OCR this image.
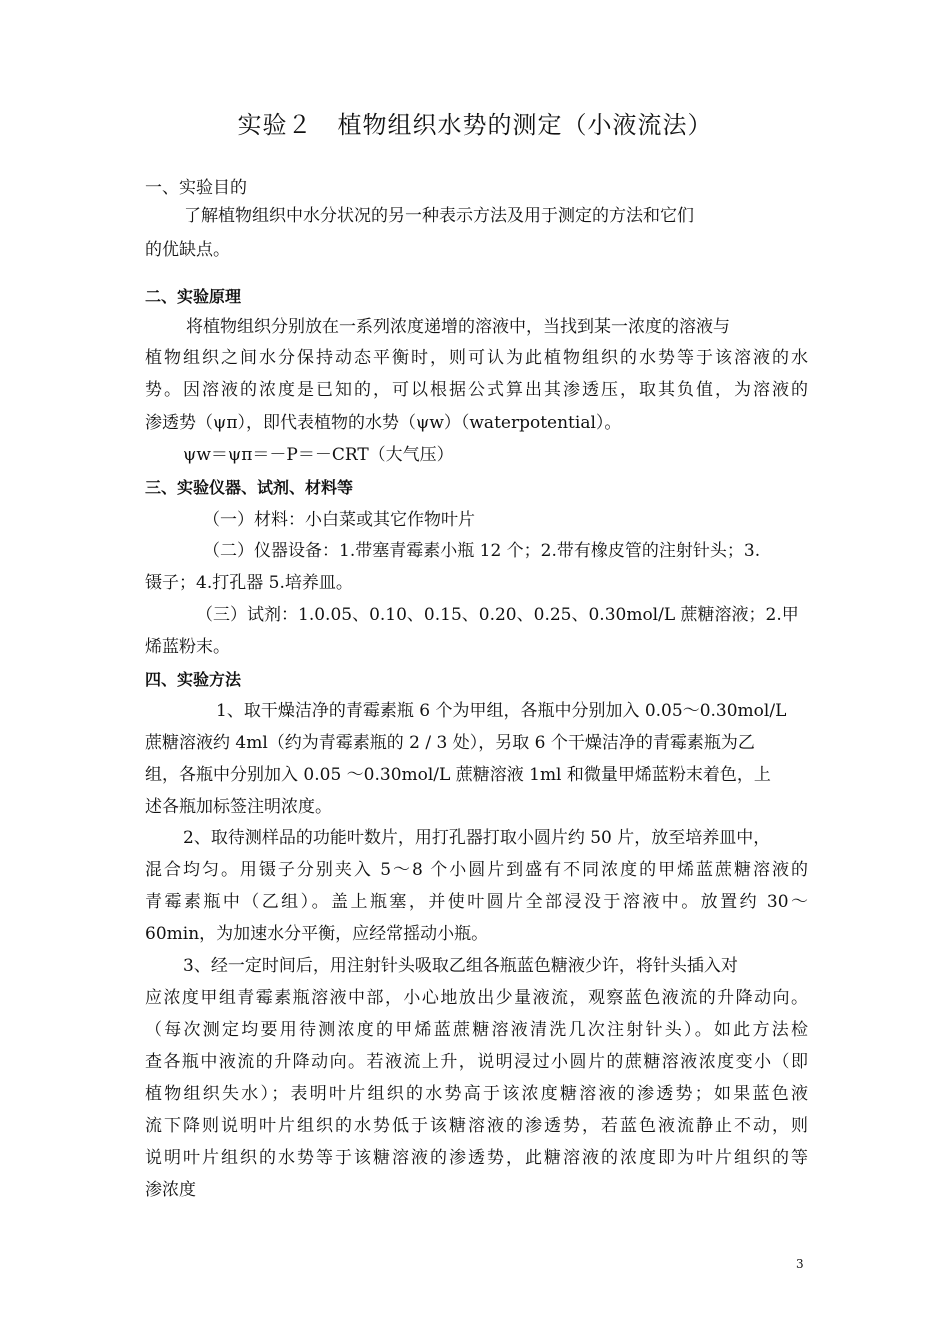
实验２　植物组织水势的测定（小液流法）
一、实验目的
了解植物组织中水分状况的另一种表示方法及用于测定的方法和它们
的优缺点。
二、实验原理
将植物组织分别放在一系列浓度递增的溶液中，当找到某一浓度的溶液与
植物组织之间水分保持动态平衡时，则可认为此植物组织的水势等于该溶液的水
势。因溶液的浓度是已知的，可以根据公式算出其渗透压，取其负值，为溶液的
渗透势（ψπ），即代表植物的水势（ψw）（waterpotential）。
ψw＝ψπ＝－P＝－CRT（大气压）
三、实验仪器、试剂、材料等
（一）材料：小白菜或其它作物叶片
（二）仪器设备：1.带塞青霉素小瓶 12 个；2.带有橡皮管的注射针头；3.
镊子；4.打孔器 5.培养皿。
（三）试剂：1.0.05、0.10、0.15、0.20、0.25、0.30mol/L 蔗糖溶液；2.甲
烯蓝粉末。
四、实验方法
1、取干燥洁净的青霉素瓶 6 个为甲组，各瓶中分别加入 0.05～0.30mol/L
蔗糖溶液约 4ml（约为青霉素瓶的 2 / 3 处），另取 6 个干燥洁净的青霉素瓶为乙
组，各瓶中分别加入 0.05 ～0.30mol/L 蔗糖溶液 1ml 和微量甲烯蓝粉末着色，上
述各瓶加标签注明浓度。
2、取待测样品的功能叶数片，用打孔器打取小圆片约 50 片，放至培养皿中，
混合均匀。用镊子分别夹入 5～8 个小圆片到盛有不同浓度的甲烯蓝蔗糖溶液的
青霉素瓶中（乙组）。盖上瓶塞，并使叶圆片全部浸没于溶液中。放置约 30～
60min，为加速水分平衡，应经常摇动小瓶。
3、经一定时间后，用注射针头吸取乙组各瓶蓝色糖液少许，将针头插入对
应浓度甲组青霉素瓶溶液中部，小心地放出少量液流，观察蓝色液流的升降动向。
（每次测定均要用待测浓度的甲烯蓝蔗糖溶液清洗几次注射针头）。如此方法检
查各瓶中液流的升降动向。若液流上升，说明浸过小圆片的蔗糖溶液浓度变小（即
植物组织失水）；表明叶片组织的水势高于该浓度糖溶液的渗透势；如果蓝色液
流下降则说明叶片组织的水势低于该糖溶液的渗透势，若蓝色液流静止不动，则
说明叶片组织的水势等于该糖溶液的渗透势，此糖溶液的浓度即为叶片组织的等
渗浓度
3
